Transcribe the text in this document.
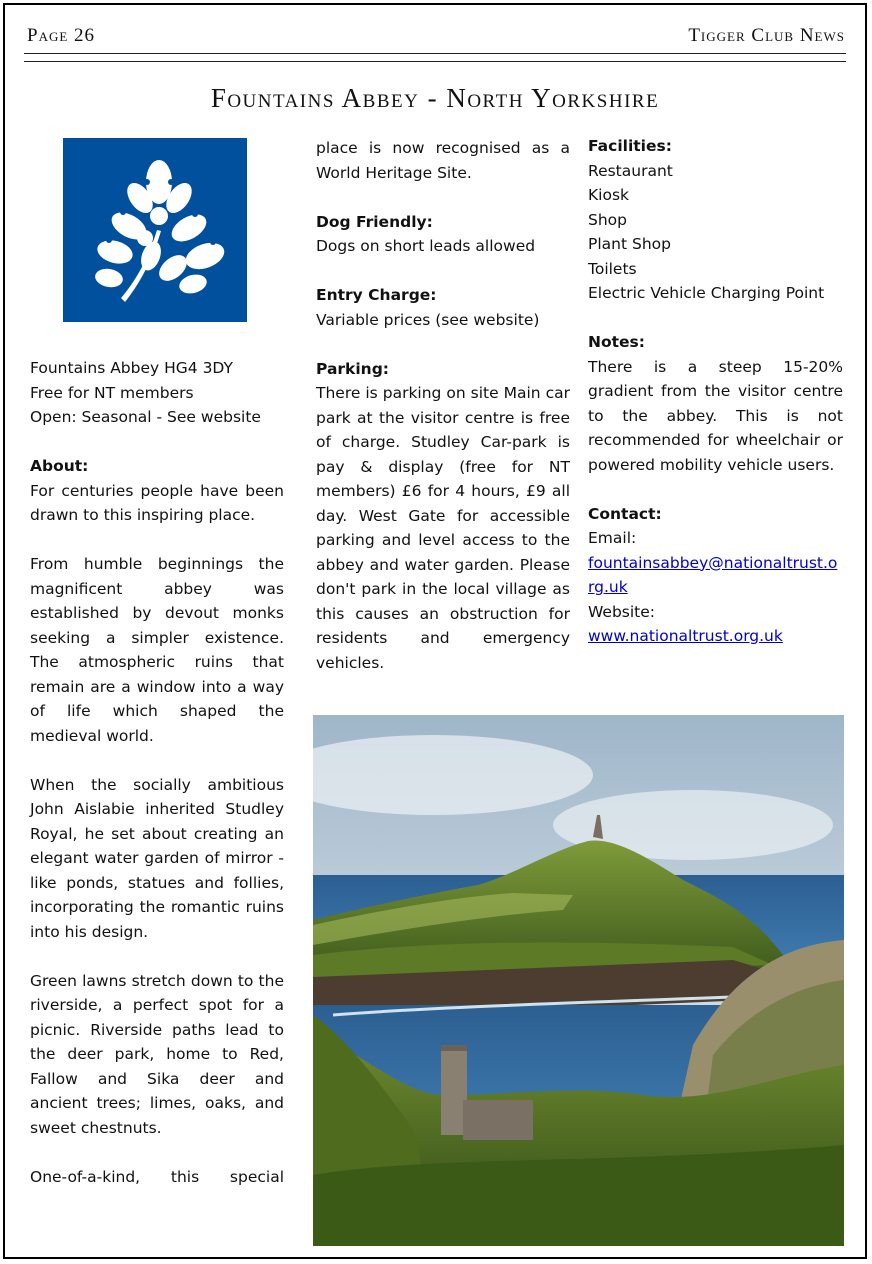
Page 26	Tigger Club News
Fountains Abbey - North Yorkshire

Fountains Abbey HG4 3DY

Free for NT members

Open: Seasonal - See website

About:

For centuries people have been drawn to this inspiring place.

From humble beginnings the magnificent abbey was established by devout monks seeking a simpler existence. The atmospheric ruins that remain are a window into a way of life which shaped the medieval world.

When the socially ambitious John Aislabie inherited Studley Royal, he set about creating an elegant water garden of mirror -like ponds, statues and follies, incorporating the romantic ruins into his design.

Green lawns stretch down to the riverside, a perfect spot for a picnic. Riverside paths lead to the deer park, home to Red, Fallow and Sika deer and ancient trees; limes, oaks, and sweet chestnuts.

One-of-a-kind, this special

place is now recognised as a World Heritage Site.

Dog Friendly:

Dogs on short leads allowed

Entry Charge:

Variable prices (see website)

Parking:

There is parking on site Main car park at the visitor centre is free of charge. Studley Car-park is pay & display (free for NT members) £6 for 4 hours, £9 all day. West Gate for accessible parking and level access to the abbey and water garden. Please don't park in the local village as this causes an obstruction for residents and emergency vehicles.

Facilities:

Restaurant

Kiosk

Shop

Plant Shop

Toilets

Electric Vehicle Charging Point

Notes:

There is a steep 15-20% gradient from the visitor centre to the abbey. This is not recommended for wheelchair or powered mobility vehicle users.

Contact:

Email:

fountainsabbey@nationaltrust.org.uk

Website:

www.nationaltrust.org.uk
